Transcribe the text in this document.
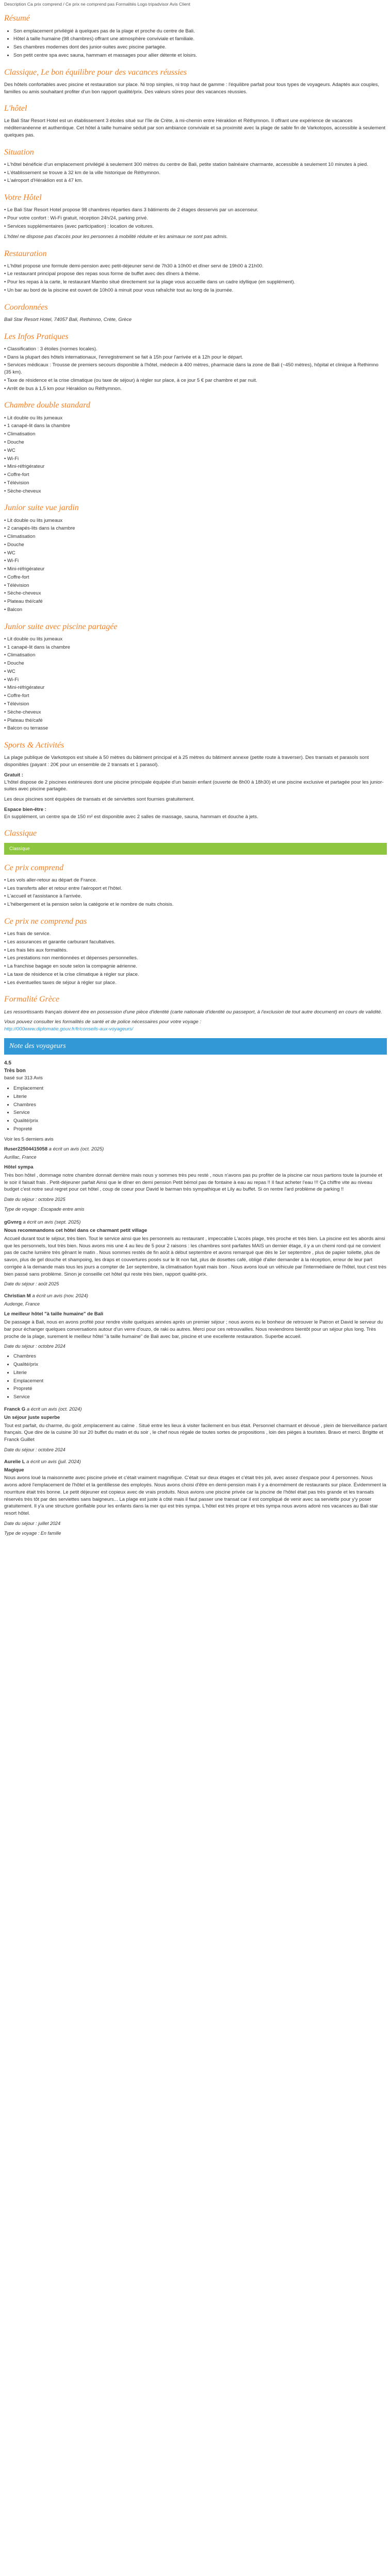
Description Ca prix comprend / Ce prix ne comprend pas Formalités Logo tripadvisor Avis Client
Résumé
• Son emplacement privilégié à quelques pas de la plage et proche du centre de Bali.
• Hôtel à taille humaine (98 chambres) offrant une atmosphère conviviale et familiale.
• Ses chambres modernes dont des junior-suites avec piscine partagée.
• Son petit centre spa avec sauna, hammam et massages pour allier détente et loisirs.
Classique, Le bon équilibre pour des vacances réussies

Des hôtels confortables avec piscine et restauration sur place. Ni trop simples, ni trop haut de gamme : l'équilibre parfait pour tous types de voyageurs. Adaptés aux couples, familles ou amis souhaitant profiter d'un bon rapport qualité/prix. Des valeurs sûres pour des vacances réussies.

L'hôtel

Le Bali Star Resort Hotel est un établissement 3 étoiles situé sur l'île de Crète, à mi-chemin entre Héraklion et Réthymnon. Il offrant une expérience de vacances méditerranéenne et authentique. Cet hôtel à taille humaine séduit par son ambiance conviviale et sa proximité avec la plage de sable fin de Varkotopos, accessible à seulement quelques pas.

Situation
• L'hôtel bénéficie d'un emplacement privilégié à seulement 300 mètres du centre de Bali, petite station balnéaire charmante, accessible à seulement 10 minutes à pied.
• L'établissement se trouve à 32 km de la ville historique de Réthymnon.
• L'aéroport d'Héraklion est à 47 km.
Votre Hôtel
• Le Bali Star Resort Hotel propose 98 chambres réparties dans 3 bâtiments de 2 étages desservis par un ascenseur.
• Pour votre confort : Wi-Fi gratuit, réception 24h/24, parking privé.
• Services supplémentaires (avec participation) : location de voitures.

L'hôtel ne dispose pas d'accès pour les personnes à mobilité réduite et les animaux ne sont pas admis.

Restauration
• L'hôtel propose une formule demi-pension avec petit-déjeuner servi de 7h30 à 10h00 et dîner servi de 19h00 à 21h00.
• Le restaurant principal propose des repas sous forme de buffet avec des dîners à thème.
• Pour les repas à la carte, le restaurant Mambo situé directement sur la plage vous accueille dans un cadre idyllique (en supplément).
• Un bar au bord de la piscine est ouvert de 10h00 à minuit pour vous rafraîchir tout au long de la journée.
Coordonnées

Bali Star Resort Hotel, 74057 Bali, Rethimno, Crète, Grèce

Les Infos Pratiques
• Classification : 3 étoiles (normes locales).
• Dans la plupart des hôtels internationaux, l'enregistrement se fait à 15h pour l'arrivée et à 12h pour le départ.
• Services médicaux : Trousse de premiers secours disponible à l'hôtel, médecin à 400 mètres, pharmacie dans la zone de Bali (~450 mètres), hôpital et clinique à Rethimno (35 km).
• Taxe de résidence et la crise climatique (ou taxe de séjour) à régler sur place, à ce jour 5 € par chambre et par nuit.
• Arrêt de bus à 1,5 km pour Héraklion ou Réthymnon.
Chambre double standard
• Lit double ou lits jumeaux
• 1 canapé-lit dans la chambre
• Climatisation
• Douche
• WC
• Wi-Fi
• Mini-réfrigérateur
• Coffre-fort
• Télévision
• Sèche-cheveux
Junior suite vue jardin
• Lit double ou lits jumeaux
• 2 canapés-lits dans la chambre
• Climatisation
• Douche
• WC
• Wi-Fi
• Mini-réfrigérateur
• Coffre-fort
• Télévision
• Sèche-cheveux
• Plateau thé/café
• Balcon
Junior suite avec piscine partagée
• Lit double ou lits jumeaux
• 1 canapé-lit dans la chambre
• Climatisation
• Douche
• WC
• Wi-Fi
• Mini-réfrigérateur
• Coffre-fort
• Télévision
• Sèche-cheveux
• Plateau thé/café
• Balcon ou terrasse
Sports & Activités

La plage publique de Varkotopos est située à 50 mètres du bâtiment principal et à 25 mètres du bâtiment annexe (petite route à traverser). Des transats et parasols sont disponibles (payant : 20€ pour un ensemble de 2 transats et 1 parasol).

Gratuit :
L'hôtel dispose de 2 piscines extérieures dont une piscine principale équipée d'un bassin enfant (ouverte de 8h00 à 18h30) et une piscine exclusive et partagée pour les junior-suites avec piscine partagée.

Les deux piscines sont équipées de transats et de serviettes sont fournies gratuitement.

Espace bien-être :
En supplément, un centre spa de 150 m² est disponible avec 2 salles de massage, sauna, hammam et douche à jets.

Classique
Classique
Ce prix comprend
• Les vols aller-retour au départ de France.
• Les transferts aller et retour entre l'aéroport et l'hôtel.
• L'accueil et l'assistance à l'arrivée.
• L'hébergement et la pension selon la catégorie et le nombre de nuits choisis.
Ce prix ne comprend pas
• Les frais de service.
• Les assurances et garantie carburant facultatives.
• Les frais liés aux formalités.
• Les prestations non mentionnées et dépenses personnelles.
• La franchise bagage en soute selon la compagnie aérienne.
• La taxe de résidence et la crise climatique à régler sur place.
• Les éventuelles taxes de séjour à régler sur place.
Formalité Grèce

Les ressortissants français doivent être en possession d'une pièce d'identité (carte nationale d'identité ou passeport, à l'exclusion de tout autre document) en cours de validité.

Vous pouvez consulter les formalités de santé et de police nécessaires pour votre voyage :
http://000www.diplomatie.gouv.fr/fr/conseils-aux-voyageurs/

Note des voyageurs

4.5

Très bon

basé sur 313 Avis

• Emplacement
• Literie
• Chambres
• Service
• Qualité/prix
• Propreté

Voir les 5 derniers avis

Ifuser22504415058 a écrit un avis (oct. 2025)

Aurillac, France

Hôtel sympa

Très bon hôtel , dommage notre chambre donnait derrière mais nous y sommes très peu resté , nous n'avons pas pu profiter de la piscine car nous partions toute la journée et le soir il faisait frais . Petit-déjeuner parfait Ainsi que le dîner en demi pension Petit bémol pas de fontaine à eau au repas !! Il faut acheter l'eau !!! Ça chiffre vite au niveau budget c'est notre seul regret pour cet hôtel , coup de coeur pour David le barman très sympathique et Lily au buffet. Si on rentre l'ard problème de parking !!

Date du séjour : octobre 2025

Type de voyage : Escapade entre amis

gGvnrg a écrit un avis (sept. 2025)

Nous recommandons cet hôtel dans ce charmant petit village

Accueil durant tout le séjour, très bien. Tout le service ainsi que les personnels au restaurant , impeccable L'accès plage, très proche et très bien. La piscine est les abords ainsi que les personnels, tout très bien. Nous avons mis une 4 au lieu de 5 pour 2 raisons : les chambres sont parfaites MAIS un dernier étage, il y a un chemi rond qui ne convient pas de cache lumière très gênant le matin . Nous sommes restés de fin août à début septembre et avons remarqué que dès le 1er septembre , plus de papier toilette, plus de savon, plus de gel douche et shampoing, les draps et couvertures posés sur le lit non fait, plus de dosettes café, obligé d'aller demander à la réception, erreur de leur part corrigée à la demande mais tous les jours a compter de 1er septembre, la climatisation fuyait mais bon . Nous avons loué un véhicule par l'intermédiaire de l'hôtel, tout c'est très bien passé sans problème. Sinon je conseille cet hôtel qui reste très bien, rapport qualité-prix.

Date du séjour : août 2025

Christian M a écrit un avis (nov. 2024)

Audenge, France

Le meilleur hôtel "à taille humaine" de Bali

De passage à Bali, nous en avons profité pour rendre visite quelques années après un premier séjour ; nous avons eu le bonheur de retrouver le Patron et David le serveur du bar pour échanger quelques conversations autour d'un verre d'ouzo, de raki ou autres. Merci pour ces retrouvailles. Nous reviendrons bientôt pour un séjour plus long. Très proche de la plage, surement le meilleur hôtel "à taille humaine" de Bali avec bar, piscine et une excellente restauration. Superbe accueil.

Date du séjour : octobre 2024

• Chambres
• Qualité/prix
• Literie
• Emplacement
• Propreté
• Service

Franck G a écrit un avis (oct. 2024)

Un séjour juste superbe

Tout est parfait, du charme, du goût ,emplacement au calme . Situé entre les lieux à visiter facilement en bus était. Personnel charmant et dévoué , plein de bienveillance parlant français. Que dire de la cuisine 30 sur 20 buffet du matin et du soir , le chef nous régale de toutes sortes de propositions , loin des pièges à touristes. Bravo et merci. Brigitte et Franck Guillet

Date du séjour : octobre 2024

Aurelie L a écrit un avis (juil. 2024)

Magique

Nous avons loué la maisonnette avec piscine privée et c'était vraiment magnifique. C'était sur deux étages et c'était très joli, avec assez d'espace pour 4 personnes. Nous avons adoré l'emplacement de l'hôtel et la gentillesse des employés. Nous avons choisi d'être en demi-pension mais il y a énormément de restaurants sur place. Évidemment la nourriture était très bonne. Le petit déjeuner est copieux avec de vrais produits. Nous avions une piscine privée car la piscine de l'hôtel était pas très grande et les transats réservés très tôt par des serviettes sans baigneurs... La plage est juste à côté mais il faut passer une transat car il est compliqué de venir avec sa serviette pour y'y poser gratuitement. Il y'a une structure gonflable pour les enfants dans la mer qui est très sympa. L'hôtel est très propre et très sympa nous avons adoré nos vacances au Bali star resort hôtel.

Date du séjour : juillet 2024

Type de voyage : En famille
